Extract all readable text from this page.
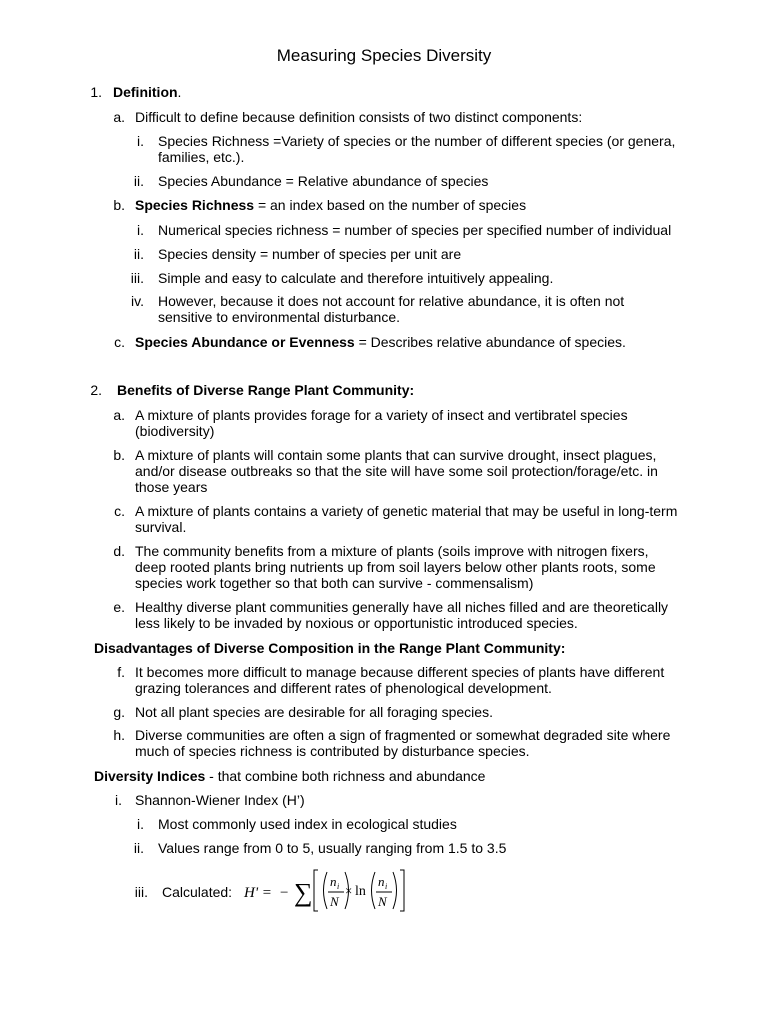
Measuring Species Diversity
1. Definition.
a. Difficult to define because definition consists of two distinct components:
i. Species Richness =Variety of species or the number of different species (or genera,
families, etc.).
ii. Species Abundance = Relative abundance of species
b. Species Richness = an index based on the number of species
i. Numerical species richness = number of species per specified number of individual
ii. Species density = number of species per unit are
iii. Simple and easy to calculate and therefore intuitively appealing.
iv. However, because it does not account for relative abundance, it is often not
sensitive to environmental disturbance.
c. Species Abundance or Evenness = Describes relative abundance of species.
2. Benefits of Diverse Range Plant Community:
a. A mixture of plants provides forage for a variety of insect and vertibratel species
(biodiversity)
b. A mixture of plants will contain some plants that can survive drought, insect plagues,
and/or disease outbreaks so that the site will have some soil protection/forage/etc. in
those years
c. A mixture of plants contains a variety of genetic material that may be useful in long-term
survival.
d. The community benefits from a mixture of plants (soils improve with nitrogen fixers,
deep rooted plants bring nutrients up from soil layers below other plants roots, some
species work together so that both can survive - commensalism)
e. Healthy diverse plant communities generally have all niches filled and are theoretically
less likely to be invaded by noxious or opportunistic introduced species.
Disadvantages of Diverse Composition in the Range Plant Community:
f. It becomes more difficult to manage because different species of plants have different
grazing tolerances and different rates of phenological development.
g. Not all plant species are desirable for all foraging species.
h. Diverse communities are often a sign of fragmented or somewhat degraded site where
much of species richness is contributed by disturbance species.
Diversity Indices - that combine both richness and abundance
i. Shannon-Wiener Index (H’)
i. Most commonly used index in ecological studies
ii. Values range from 0 to 5, usually ranging from 1.5 to 3.5
iii. Calculated: H' = − ∑ n i
N
× ln
n i
N
